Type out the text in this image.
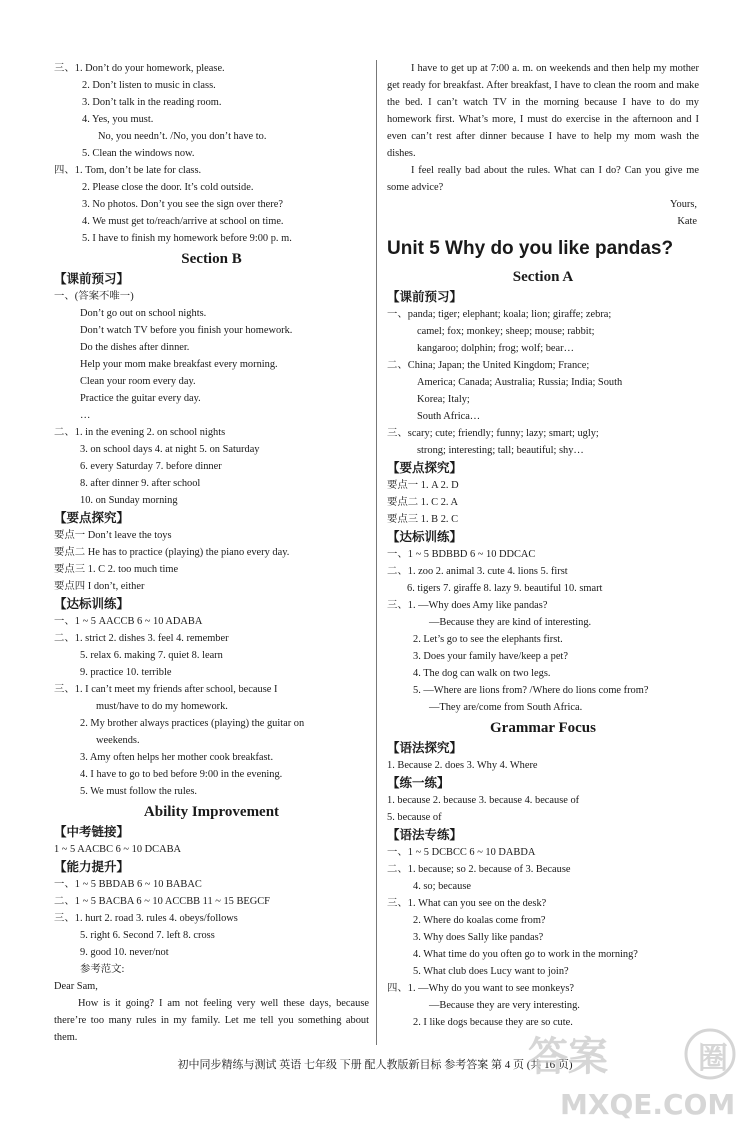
三、1. Don’t do your homework, please.
2. Don’t listen to music in class.
3. Don’t talk in the reading room.
4. Yes, you must.
No, you needn’t. /No, you don’t have to.
5. Clean the windows now.
四、1. Tom, don’t be late for class.
2. Please close the door. It’s cold outside.
3. No photos. Don’t you see the sign over there?
4. We must get to/reach/arrive at school on time.
5. I have to finish my homework before 9:00 p. m.
Section B
【课前预习】
一、(答案不唯一)
Don’t go out on school nights.
Don’t watch TV before you finish your homework.
Do the dishes after dinner.
Help your mom make breakfast every morning.
Clean your room every day.
Practice the guitar every day.
…
二、1. in the evening 2. on school nights
3. on school days 4. at night 5. on Saturday
6. every Saturday 7. before dinner
8. after dinner 9. after school
10. on Sunday morning
【要点探究】
要点一 Don’t leave the toys
要点二 He has to practice (playing) the piano every day.
要点三 1. C 2. too much time
要点四 I don’t, either
【达标训练】
一、1 ~ 5 AACCB 6 ~ 10 ADABA
二、1. strict 2. dishes 3. feel 4. remember
5. relax 6. making 7. quiet 8. learn
9. practice 10. terrible
三、1. I can’t meet my friends after school, because I
must/have to do my homework.
2. My brother always practices (playing) the guitar on
weekends.
3. Amy often helps her mother cook breakfast.
4. I have to go to bed before 9:00 in the evening.
5. We must follow the rules.
Ability Improvement
【中考链接】
1 ~ 5 AACBC 6 ~ 10 DCABA
【能力提升】
一、1 ~ 5 BBDAB 6 ~ 10 BABAC
二、1 ~ 5 BACBA 6 ~ 10 ACCBB 11 ~ 15 BEGCF
三、1. hurt 2. road 3. rules 4. obeys/follows
5. right 6. Second 7. left 8. cross
9. good 10. never/not
参考范文:
Dear Sam,

How is it going? I am not feeling very well these days, because there’re too many rules in my family. Let me tell you something about them.

I have to get up at 7:00 a. m. on weekends and then help my mother get ready for breakfast. After breakfast, I have to clean the room and make the bed. I can’t watch TV in the morning because I have to do my homework first. What’s more, I must do exercise in the afternoon and I even can’t rest after dinner because I have to help my mom wash the dishes.

I feel really bad about the rules. What can I do? Can you give me some advice?

Yours,
Kate
Unit 5 Why do you like pandas?
Section A
【课前预习】
一、panda; tiger; elephant; koala; lion; giraffe; zebra;
camel; fox; monkey; sheep; mouse; rabbit;
kangaroo; dolphin; frog; wolf; bear…
二、China; Japan; the United Kingdom; France;
America; Canada; Australia; Russia; India; South
Korea; Italy;
South Africa…
三、scary; cute; friendly; funny; lazy; smart; ugly;
strong; interesting; tall; beautiful; shy…
【要点探究】
要点一 1. A 2. D
要点二 1. C 2. A
要点三 1. B 2. C
【达标训练】
一、1 ~ 5 BDBBD 6 ~ 10 DDCAC
二、1. zoo 2. animal 3. cute 4. lions 5. first
6. tigers 7. giraffe 8. lazy 9. beautiful 10. smart
三、1. —Why does Amy like pandas?
—Because they are kind of interesting.
2. Let’s go to see the elephants first.
3. Does your family have/keep a pet?
4. The dog can walk on two legs.
5. —Where are lions from? /Where do lions come from?
—They are/come from South Africa.
Grammar Focus
【语法探究】
1. Because 2. does 3. Why 4. Where
【练一练】
1. because 2. because 3. because 4. because of
5. because of
【语法专练】
一、1 ~ 5 DCBCC 6 ~ 10 DABDA
二、1. because; so 2. because of 3. Because
4. so; because
三、1. What can you see on the desk?
2. Where do koalas come from?
3. Why does Sally like pandas?
4. What time do you often go to work in the morning?
5. What club does Lucy want to join?
四、1. —Why do you want to see monkeys?
—Because they are very interesting.
2. I like dogs because they are so cute.
初中同步精练与测试 英语 七年级 下册 配人教版新目标 参考答案 第 4 页 (共 16 页)
答案	圈
MXQE.COM
